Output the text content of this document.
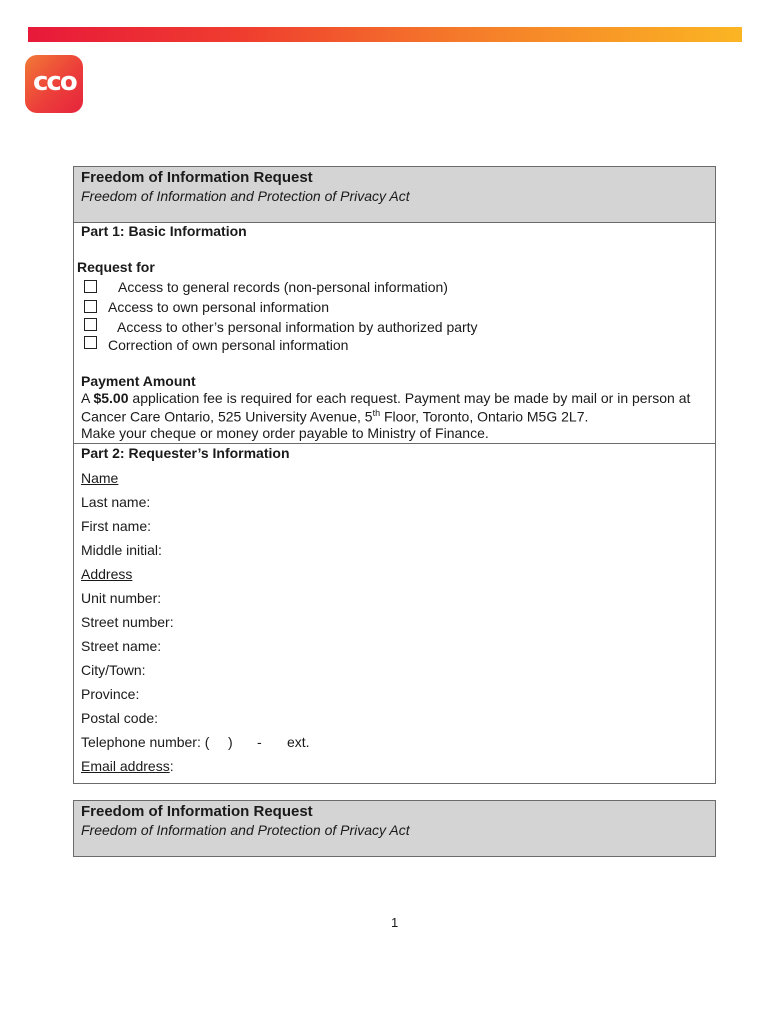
cco
Freedom of Information Request
Freedom of Information and Protection of Privacy Act
Part 1: Basic Information
Request for
Access to general records (non-personal information)
Access to own personal information
Access to other’s personal information by authorized party
Correction of own personal information
Payment Amount
A $5.00 application fee is required for each request. Payment may be made by mail or in person at
Cancer Care Ontario, 525 University Avenue, 5th Floor, Toronto, Ontario M5G 2L7.
Make your cheque or money order payable to Ministry of Finance.
Part 2: Requester’s Information
Name
Last name:
First name:
Middle initial:
Address
Unit number:
Street number:
Street name:
City/Town:
Province:
Postal code:
Telephone number: ( ) - ext.
Email address:
Freedom of Information Request
Freedom of Information and Protection of Privacy Act
1
